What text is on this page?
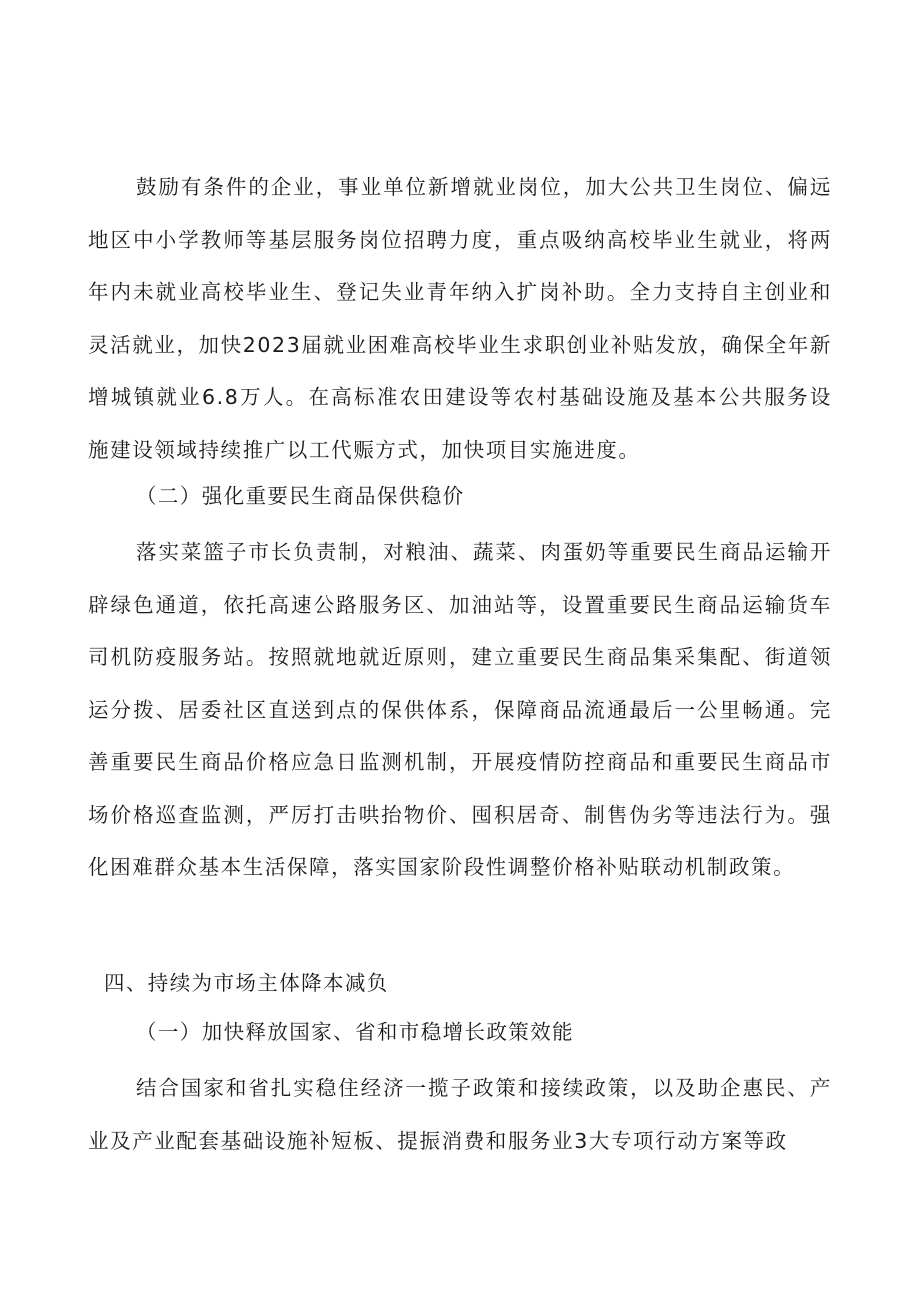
鼓励有条件的企业，事业单位新增就业岗位，加大公共卫生岗位、偏远地区中小学教师等基层服务岗位招聘力度，重点吸纳高校毕业生就业，将两年内未就业高校毕业生、登记失业青年纳入扩岗补助。全力支持自主创业和灵活就业，加快2023届就业困难高校毕业生求职创业补贴发放，确保全年新增城镇就业6.8万人。在高标准农田建设等农村基础设施及基本公共服务设施建设领域持续推广以工代赈方式，加快项目实施进度。

（二）强化重要民生商品保供稳价

落实菜篮子市长负责制，对粮油、蔬菜、肉蛋奶等重要民生商品运输开辟绿色通道，依托高速公路服务区、加油站等，设置重要民生商品运输货车司机防疫服务站。按照就地就近原则，建立重要民生商品集采集配、街道领运分拨、居委社区直送到点的保供体系，保障商品流通最后一公里畅通。完善重要民生商品价格应急日监测机制，开展疫情防控商品和重要民生商品市场价格巡查监测，严厉打击哄抬物价、囤积居奇、制售伪劣等违法行为。强化困难群众基本生活保障，落实国家阶段性调整价格补贴联动机制政策。

四、持续为市场主体降本减负

（一）加快释放国家、省和市稳增长政策效能

结合国家和省扎实稳住经济一揽子政策和接续政策，以及助企惠民、产业及产业配套基础设施补短板、提振消费和服务业3大专项行动方案等政
